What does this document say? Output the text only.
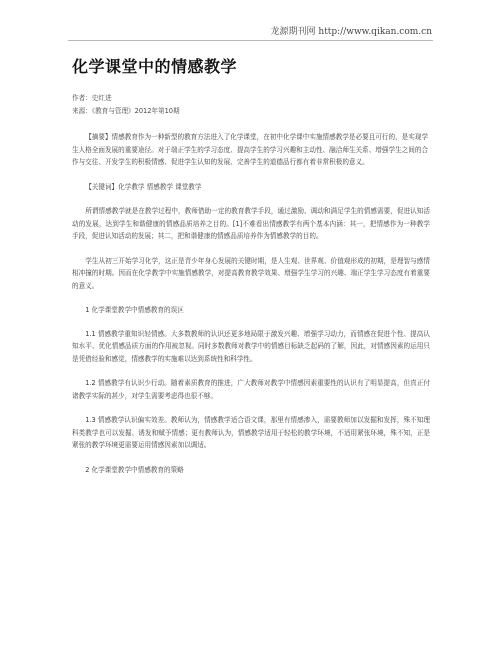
龙源期刊网 http://www.qikan.com.cn
化学课堂中的情感教学
作者：史红进
来源：《教育与管理》2012年第10期
【摘要】情感教育作为一种新型的教育方法进入了化学课堂，在初中化学课中实施情感教学是必要且可行的，是实现学生人格全面发展的重要途径。对于端正学生的学习态度、提高学生的学习兴趣和主动性、融洽师生关系、增强学生之间的合作与交往、开发学生的积极情感、促进学生认知的发展、完善学生的道德品行都有着非常积极的意义。
【关键词】化学教学 情感教学 课堂教学
所谓情感教学就是在教学过程中，教师借助一定的教育教学手段，通过激励、调动和满足学生的情感需要，促进认知活动的发展，达到学生和谐健康的情感品质培养之目的。[1]不难看出情感教学有两个基本内涵：其一，把情感作为一种教学手段，促进认知活动的发展；其二，把和谐健康的情感品质培养作为情感教学的目的。
学生从初三开始学习化学，这正是青少年身心发展的关键时期，是人生观、世界观、价值观形成的初期，是理智与感情相冲撞的时期。因而在化学教学中实施情感教学，对提高教育教学效果、增强学生学习的兴趣、端正学生学习态度有着重要的意义。
1 化学课堂教学中情感教育的误区
1.1 情感教学重知识轻情感。大多数教师的认识还更多地局限于激发兴趣、增强学习动力，而情感在促进个性、提高认知水平、优化情感品质方面的作用被忽视。同时多数教师对教学中的情感目标缺乏起码的了解，因此，对情感因素的运用只是凭借经验和感觉，情感教学的实施难以达到系统性和科学性。
1.2 情感教学有认识少行动。随着素质教育的推进，广大教师对教学中情感因素重要性的认识有了明显提高，但真正付诸教学实际的甚少，对学生需要考虑得也很不够。
1.3 情感教学认识偏实效差。教师认为，情感教学适合语文课，那里有情感渗入，需要教师加以发掘和发挥，殊不知理科类教学也可以发掘、诱发和赋予情感；更有教师认为，情感教学适用于轻松的教学环境，不适用紧张环境，殊不知，正是紧张的教学环境更需要运用情感因素加以调适。
2 化学课堂教学中情感教育的策略
